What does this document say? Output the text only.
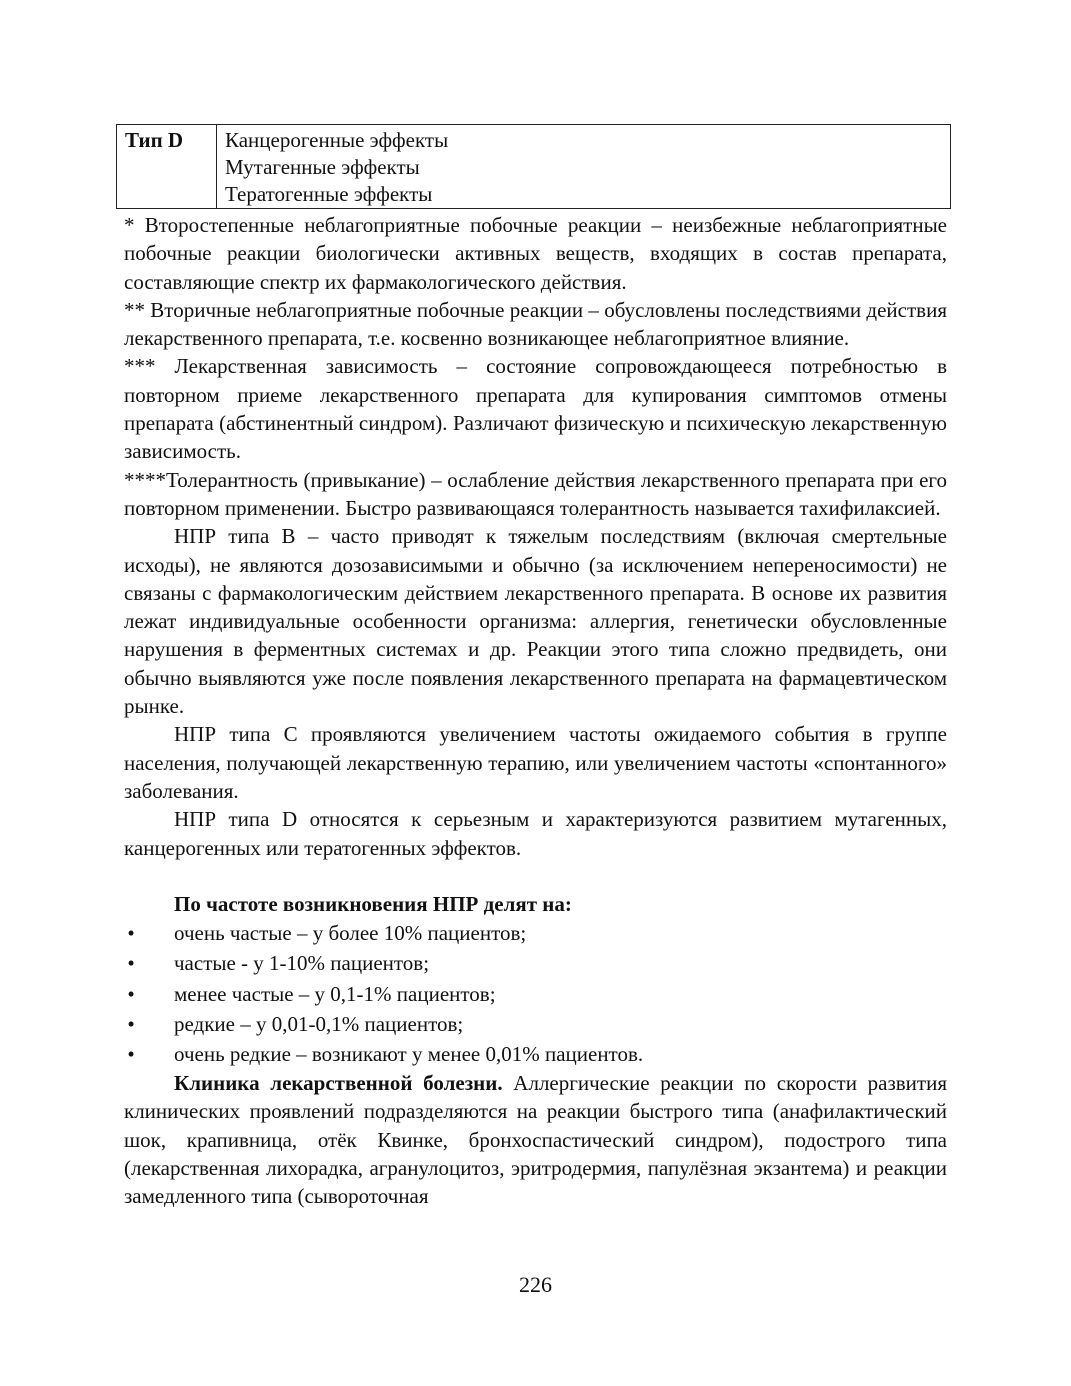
Тип D	Канцерогенные эффекты
Мутагенные эффекты
Тератогенные эффекты

* Второстепенные неблагоприятные побочные реакции – неизбежные неблагоприятные побочные реакции биологически активных веществ, входящих в состав препарата, составляющие спектр их фармакологического действия.

** Вторичные неблагоприятные побочные реакции – обусловлены последствиями действия лекарственного препарата, т.е. косвенно возникающее неблагоприятное влияние.

*** Лекарственная зависимость – состояние сопровождающееся потребностью в повторном приеме лекарственного препарата для купирования симптомов отмены препарата (абстинентный синдром). Различают физическую и психическую лекарственную зависимость.

****Толерантность (привыкание) – ослабление действия лекарственного препарата при его повторном применении. Быстро развивающаяся толерантность называется тахифилаксией.

НПР типа В – часто приводят к тяжелым последствиям (включая смертельные исходы), не являются дозозависимыми и обычно (за исключением непереносимости) не связаны с фармакологическим действием лекарственного препарата. В основе их развития лежат индивидуальные особенности организма: аллергия, генетически обусловленные нарушения в ферментных системах и др. Реакции этого типа сложно предвидеть, они обычно выявляются уже после появления лекарственного препарата на фармацевтическом рынке.

НПР типа С проявляются увеличением частоты ожидаемого события в группе населения, получающей лекарственную терапию, или увеличением частоты «спонтанного» заболевания.

НПР типа D относятся к серьезным и характеризуются развитием мутагенных, канцерогенных или тератогенных эффектов.

По частоте возникновения НПР делят на:
• очень частые – у более 10% пациентов;
• частые - у 1-10% пациентов;
• менее частые – у 0,1-1% пациентов;
• редкие – у 0,01-0,1% пациентов;
• очень редкие – возникают у менее 0,01% пациентов.

Клиника лекарственной болезни. Аллергические реакции по скорости развития клинических проявлений подразделяются на реакции быстрого типа (анафилактический шок, крапивница, отёк Квинке, бронхоспастический синдром), подострого типа (лекарственная лихорадка, агранулоцитоз, эритродермия, папулёзная экзантема) и реакции замедленного типа (сывороточная

226
